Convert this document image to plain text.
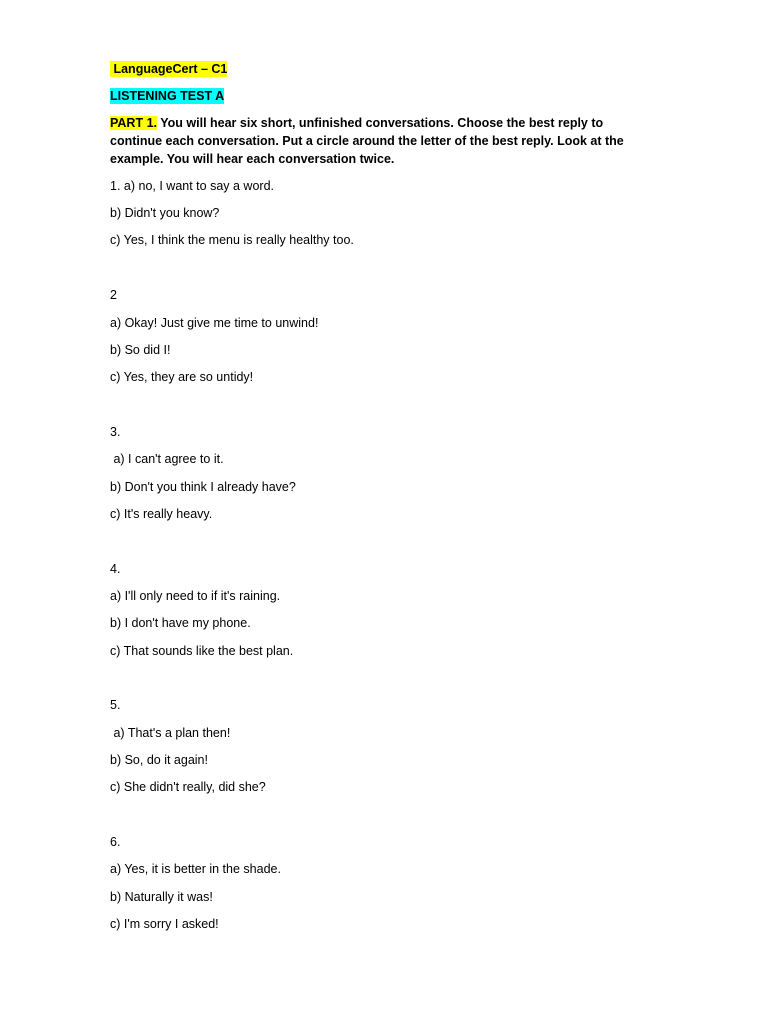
LanguageCert – C1
LISTENING TEST A
PART 1. You will hear six short, unfinished conversations. Choose the best reply to continue each conversation. Put a circle around the letter of the best reply. Look at the example. You will hear each conversation twice.
1. a) no, I want to say a word.
b) Didn't you know?
c) Yes, I think the menu is really healthy too.
2
a) Okay! Just give me time to unwind!
b) So did I!
c) Yes, they are so untidy!
3.
a) I can't agree to it.
b) Don't you think I already have?
c) It's really heavy.
4.
a) I'll only need to if it's raining.
b) I don't have my phone.
c) That sounds like the best plan.
5.
a) That's a plan then!
b) So, do it again!
c) She didn't really, did she?
6.
a) Yes, it is better in the shade.
b) Naturally it was!
c) I'm sorry I asked!
